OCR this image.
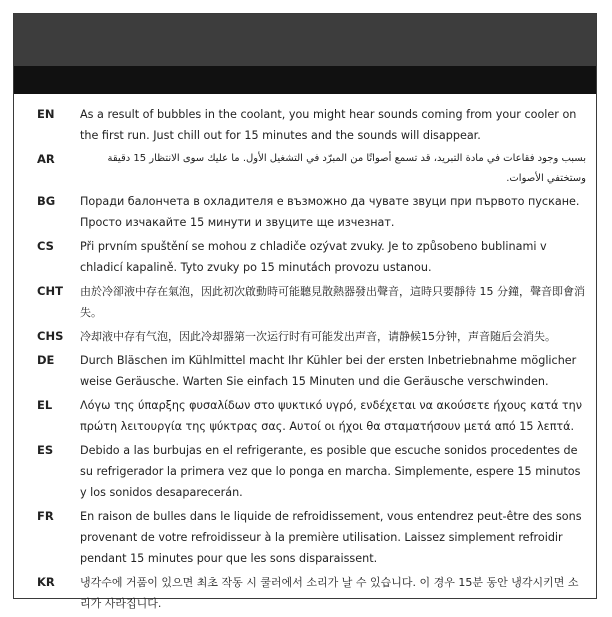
EN As a result of bubbles in the coolant, you might hear sounds coming from your cooler on the first run. Just chill out for 15 minutes and the sounds will disappear.
AR	بسبب وجود فقاعات في مادة التبريد، قد تسمع أصواتًا من المبرّد في التشغيل الأول. ما عليك سوى الانتظار 15 دقيقة وستختفي الأصوات.
BG Поради балончета в охладителя е възможно да чувате звуци при първото пускане. Просто изчакайте 15 минути и звуците ще изчезнат.
CS Při prvním spuštění se mohou z chladiče ozývat zvuky. Je to způsobeno bublinami v chladicí kapalině. Tyto zvuky po 15 minutách provozu ustanou.
CHT 由於冷卻液中存在氣泡，因此初次啟動時可能聽見散熱器發出聲音，這時只要靜待 15 分鐘，聲音即會消失。
CHS 冷却液中存有气泡，因此冷却器第一次运行时有可能发出声音，请静候15分钟，声音随后会消失。
DE Durch Bläschen im Kühlmittel macht Ihr Kühler bei der ersten Inbetriebnahme möglicher weise Geräusche. Warten Sie einfach 15 Minuten und die Geräusche verschwinden.
EL Λόγω της ύπαρξης φυσαλίδων στο ψυκτικό υγρό, ενδέχεται να ακούσετε ήχους κατά την πρώτη λειτουργία της ψύκτρας σας. Αυτοί οι ήχοι θα σταματήσουν μετά από 15 λεπτά.
ES Debido a las burbujas en el refrigerante, es posible que escuche sonidos procedentes de su refrigerador la primera vez que lo ponga en marcha. Simplemente, espere 15 minutos y los sonidos desaparecerán.
FR En raison de bulles dans le liquide de refroidissement, vous entendrez peut-être des sons provenant de votre refroidisseur à la première utilisation. Laissez simplement refroidir pendant 15 minutes pour que les sons disparaissent.
KR 냉각수에 거품이 있으면 최초 작동 시 쿨러에서 소리가 날 수 있습니다. 이 경우 15분 동안 냉각시키면 소리가 사라집니다.
